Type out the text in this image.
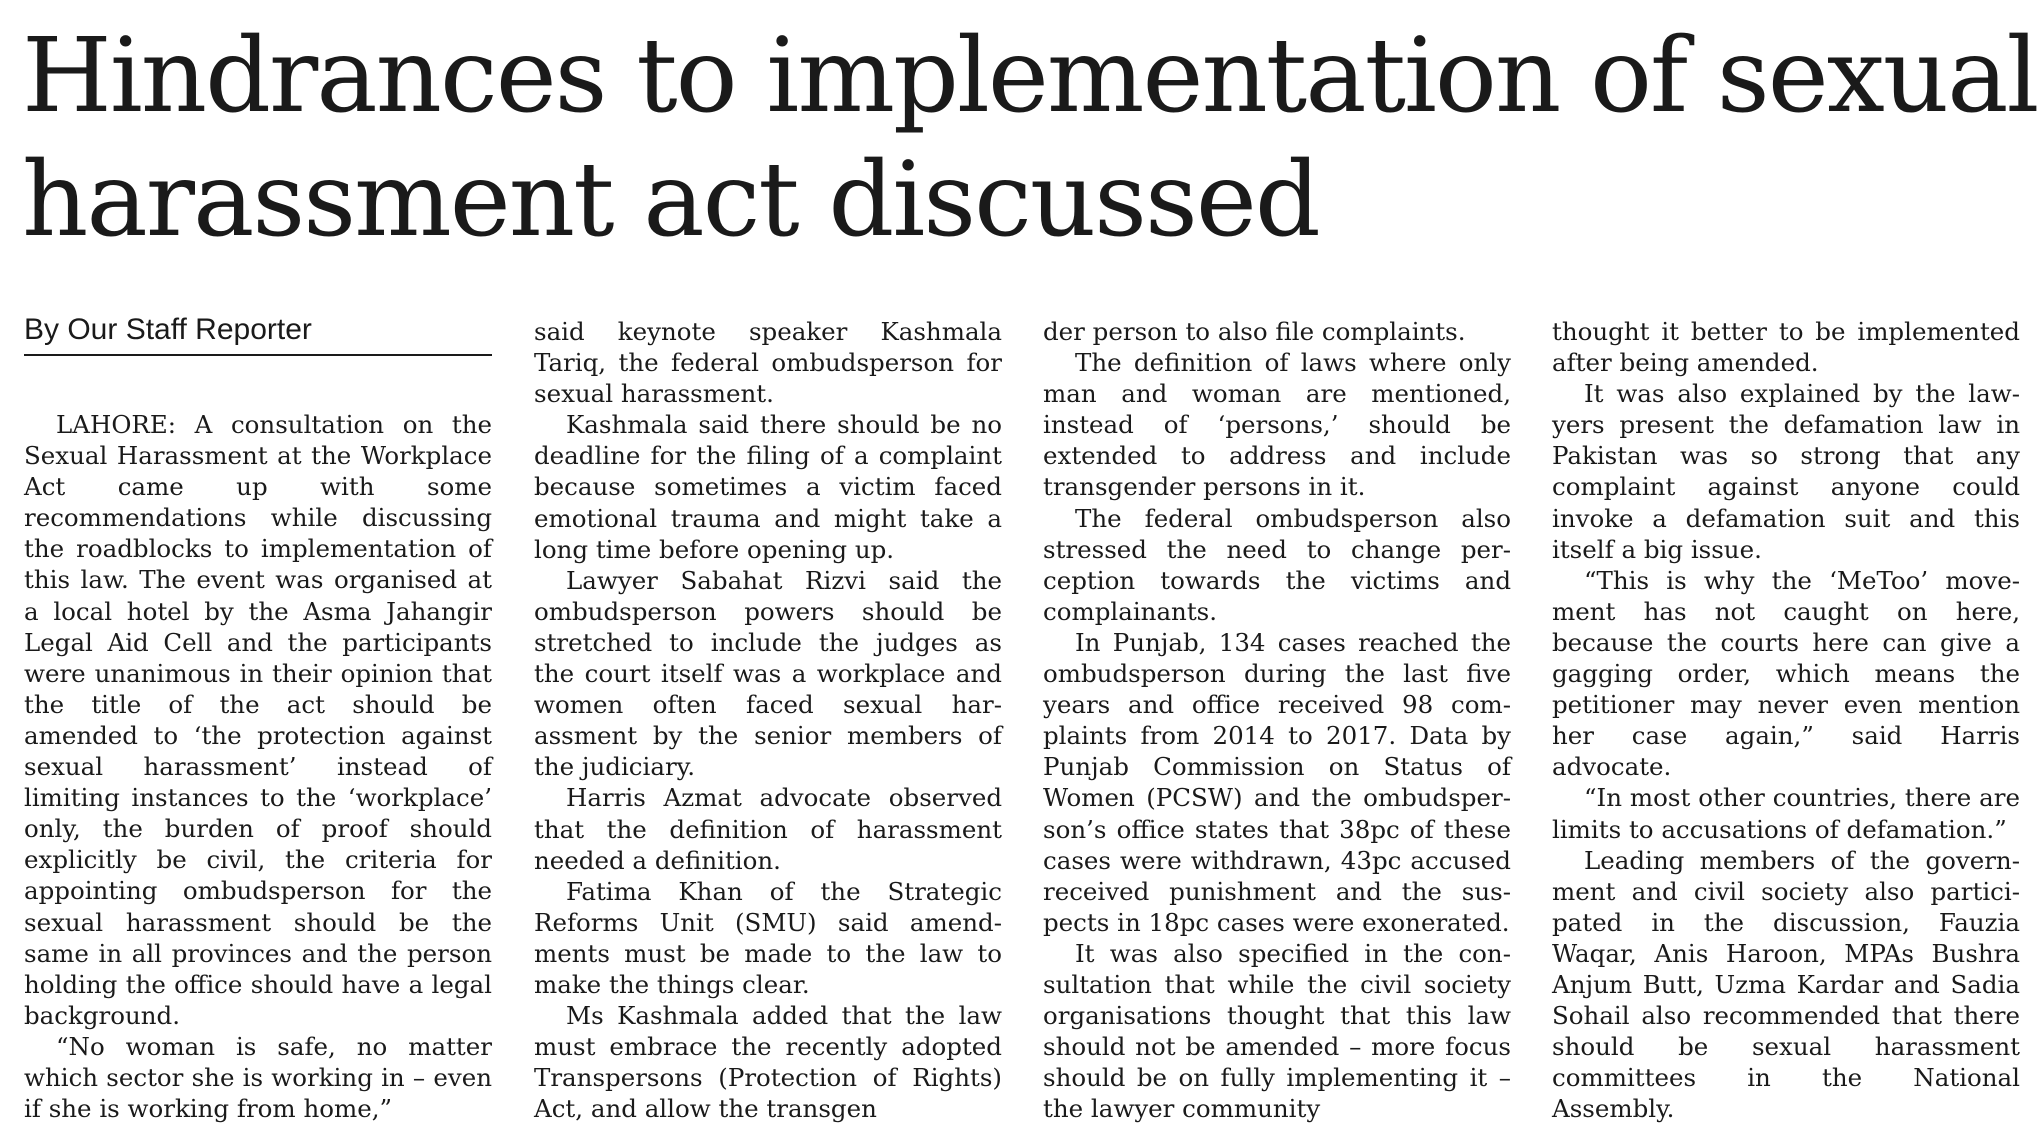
Hindrances to implementation of sexual
harassment act discussed
By Our Staff Reporter

LAHORE: A consultation on the Sexual Harassment at the Workplace Act came up with some recommendations while discussing the roadblocks to implementation of this law. The event was organised at a local hotel by the Asma Jahangir Legal Aid Cell and the participants were unanimous in their opinion that the title of the act should be amended to ‘the protection against sexual harassment’ instead of limiting instances to the ‘workplace’ only, the burden of proof should explicitly be civil, the criteria for appointing ombudsperson for the sexual harassment should be the same in all provinces and the person holding the office should have a legal background.

“No woman is safe, no matter which sector she is working in – even if she is working from home,”

said keynote speaker Kashmala Tariq, the federal ombudsperson for sexual harassment.

Kashmala said there should be no deadline for the filing of a complaint because sometimes a victim faced emotional trauma and might take a long time before opening up.

Lawyer Sabahat Rizvi said the ombudsperson powers should be stretched to include the judges as the court itself was a workplace and women often faced sexual harassment by the senior members of the judiciary.

Harris Azmat advocate observed that the definition of harassment needed a definition.

Fatima Khan of the Strategic Reforms Unit (SMU) said amendments must be made to the law to make the things clear.

Ms Kashmala added that the law must embrace the recently adopted Transpersons (Protection of Rights) Act, and allow the transgen

der person to also file complaints.

The definition of laws where only man and woman are mentioned, instead of ‘persons,’ should be extended to address and include transgender persons in it.

The federal ombudsperson also stressed the need to change perception towards the victims and complainants.

In Punjab, 134 cases reached the ombudsperson during the last five years and office received 98 complaints from 2014 to 2017. Data by Punjab Commission on Status of Women (PCSW) and the ombudsperson’s office states that 38pc of these cases were withdrawn, 43pc accused received punishment and the suspects in 18pc cases were exonerated.

It was also specified in the consultation that while the civil society organisations thought that this law should not be amended – more focus should be on fully implementing it – the lawyer community

thought it better to be implemented after being amended.

It was also explained by the lawyers present the defamation law in Pakistan was so strong that any complaint against anyone could invoke a defamation suit and this itself a big issue.

“This is why the ‘MeToo’ movement has not caught on here, because the courts here can give a gagging order, which means the petitioner may never even mention her case again,” said Harris advocate.

“In most other countries, there are limits to accusations of defamation.”

Leading members of the government and civil society also participated in the discussion, Fauzia Waqar, Anis Haroon, MPAs Bushra Anjum Butt, Uzma Kardar and Sadia Sohail also recommended that there should be sexual harassment committees in the National Assembly.
